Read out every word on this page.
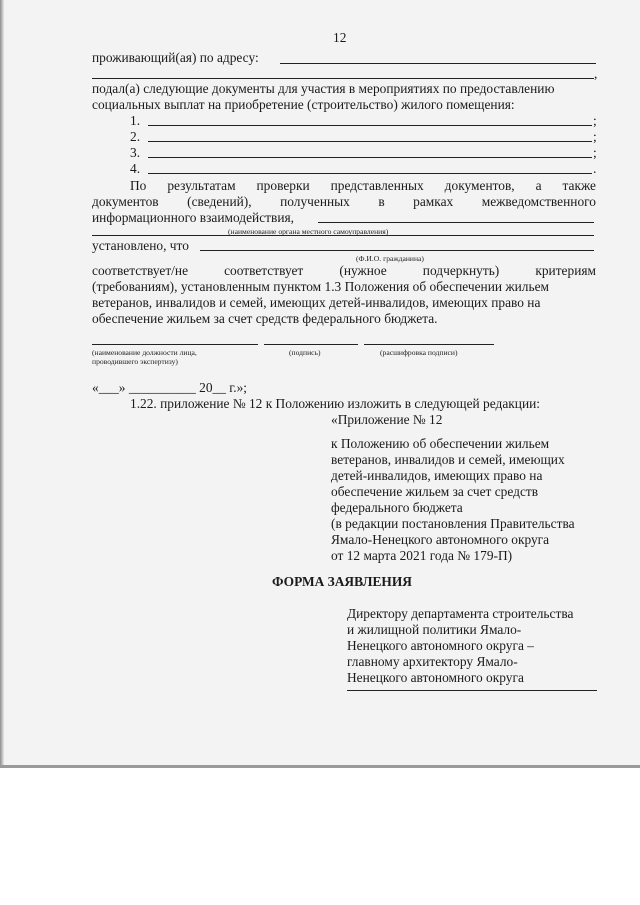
12
проживающий(ая) по адресу:
,
подал(а) следующие документы для участия в мероприятиях по предоставлению
социальных выплат на приобретение (строительство) жилого помещения:
1.	;
2.	;
3.	;
4.	.
По результатам проверки представленных документов, а также
документов (сведений), полученных в рамках межведомственного
информационного взаимодействия,
(наименование органа местного самоуправления)
установлено, что
(Ф.И.О. гражданина)
соответствует/не соответствует (нужное подчеркнуть) критериям
(требованиям), установленным пунктом 1.3 Положения об обеспечении жильем
ветеранов, инвалидов и семей, имеющих детей-инвалидов, имеющих право на
обеспечение жильем за счет средств федерального бюджета.
(наименование должности лица,
проводившего экспертизу)
(подпись)	(расшифровка подписи)
«___» __________ 20__ г.»;
1.22. приложение № 12 к Положению изложить в следующей редакции:
«Приложение № 12
к Положению об обеспечении жильем
ветеранов, инвалидов и семей, имеющих
детей-инвалидов, имеющих право на
обеспечение жильем за счет средств
федерального бюджета
(в редакции постановления Правительства
Ямало-Ненецкого автономного округа
от 12 марта 2021 года № 179-П)
ФОРМА ЗАЯВЛЕНИЯ
Директору департамента строительства
и жилищной политики Ямало-
Ненецкого автономного округа –
главному архитектору Ямало-
Ненецкого автономного округа
